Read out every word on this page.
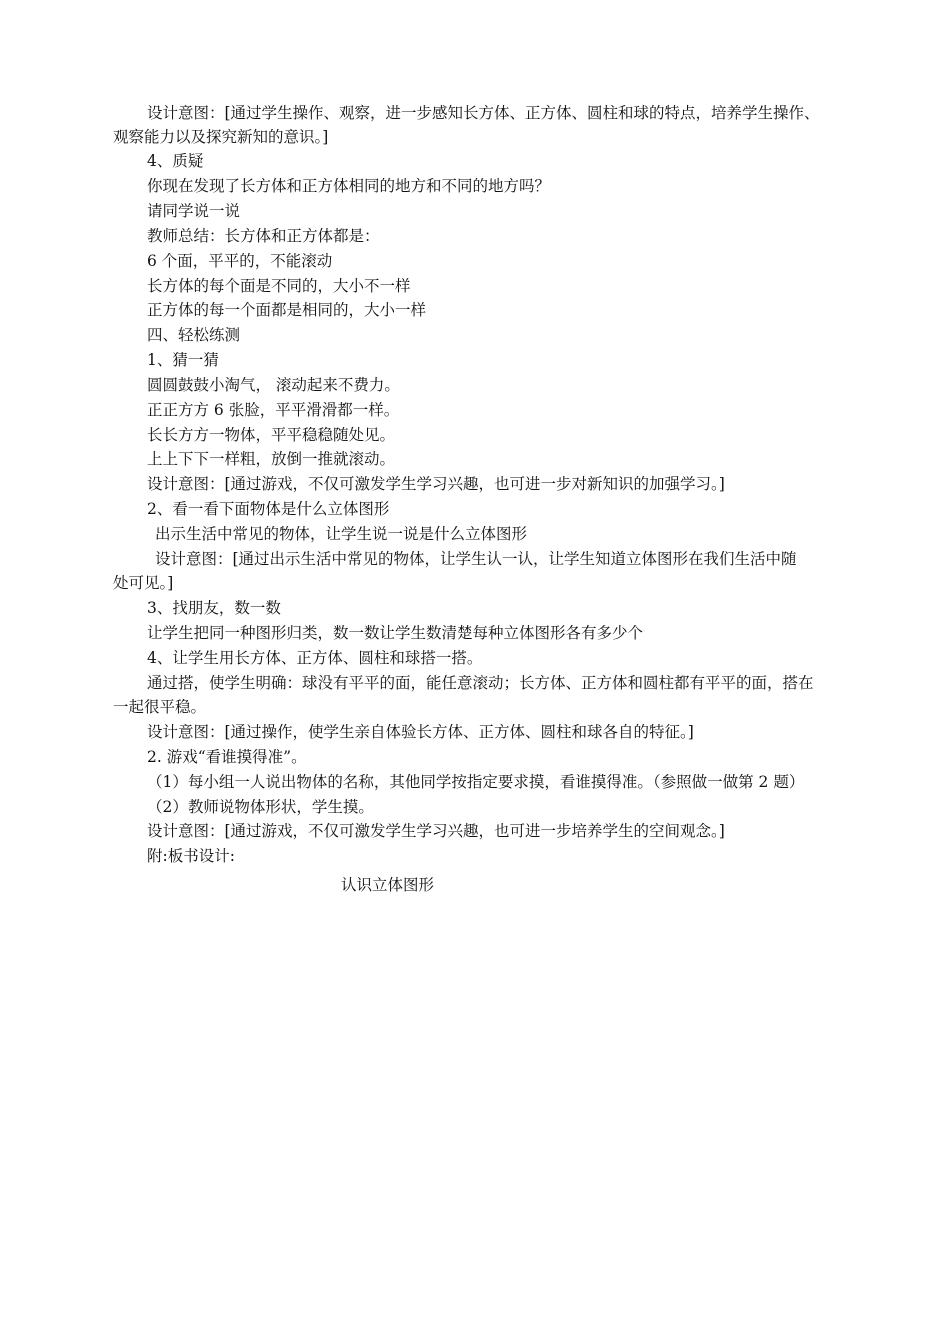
设计意图：[通过学生操作、观察，进一步感知长方体、正方体、圆柱和球的特点，培养学生操作、
观察能力以及探究新知的意识。]
4、质疑
你现在发现了长方体和正方体相同的地方和不同的地方吗？
请同学说一说
教师总结：长方体和正方体都是：
6 个面，平平的，不能滚动
长方体的每个面是不同的，大小不一样
正方体的每一个面都是相同的，大小一样
四、轻松练测
1、猜一猜
圆圆鼓鼓小淘气， 滚动起来不费力。
正正方方 6 张脸，平平滑滑都一样。
长长方方一物体，平平稳稳随处见。
上上下下一样粗，放倒一推就滚动。
设计意图：[通过游戏，不仅可激发学生学习兴趣，也可进一步对新知识的加强学习。]
2、看一看下面物体是什么立体图形
出示生活中常见的物体，让学生说一说是什么立体图形
设计意图：[通过出示生活中常见的物体，让学生认一认，让学生知道立体图形在我们生活中随
处可见。]
3、找朋友，数一数
让学生把同一种图形归类，数一数让学生数清楚每种立体图形各有多少个
4、让学生用长方体、正方体、圆柱和球搭一搭。
通过搭，使学生明确：球没有平平的面，能任意滚动；长方体、正方体和圆柱都有平平的面，搭在
一起很平稳。
设计意图：[通过操作，使学生亲自体验长方体、正方体、圆柱和球各自的特征。]
2. 游戏“看谁摸得准”。
（1）每小组一人说出物体的名称，其他同学按指定要求摸，看谁摸得准。（参照做一做第 2 题）
（2）教师说物体形状，学生摸。
设计意图：[通过游戏，不仅可激发学生学习兴趣，也可进一步培养学生的空间观念。]
附:板书设计:
认识立体图形
